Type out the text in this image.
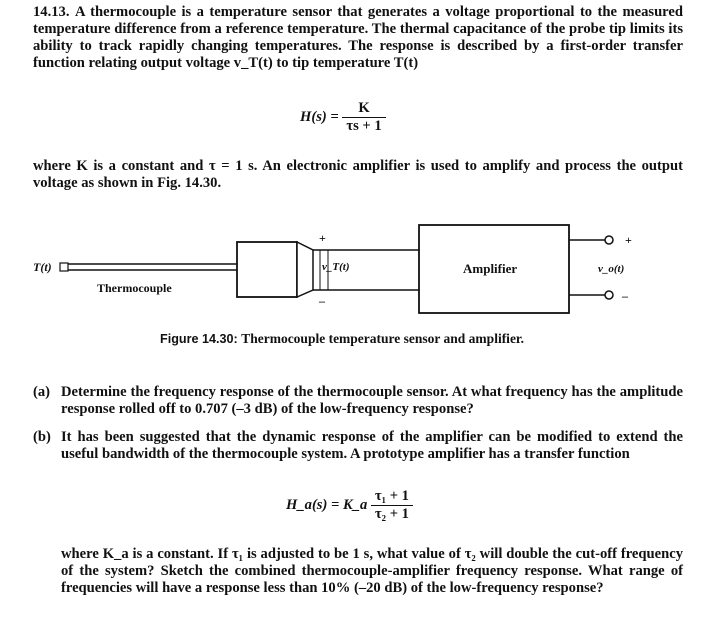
14.13. A thermocouple is a temperature sensor that generates a voltage proportional to the measured temperature difference from a reference temperature. The thermal capacitance of the probe tip limits its ability to track rapidly changing temperatures. The response is described by a first-order transfer function relating output voltage v_T(t) to tip temperature T(t)
$H(s) = \frac{K}{\tau s + 1}$
where K is a constant and τ = 1 s. An electronic amplifier is used to amplify and process the output voltage as shown in Fig. 14.30.
T(t)
Thermocouple
+
–
v_T(t)	Amplifier
+
–
v_o(t)
Figure 14.30: Thermocouple temperature sensor and amplifier.
(a) Determine the frequency response of the thermocouple sensor. At what frequency has the amplitude response rolled off to 0.707 (–3 dB) of the low-frequency response?
(b) It has been suggested that the dynamic response of the amplifier can be modified to extend the useful bandwidth of the thermocouple system. A prototype amplifier has a transfer function
H_a(s) = K_a $\frac{\text{τ₁ + 1}}{\text{τ₂ + 1}}$
where K_a is a constant. If τ₁ is adjusted to be 1 s, what value of τ₂ will double the cut-off frequency of the system? Sketch the combined thermocouple-amplifier frequency response. What range of frequencies will have a response less than 10% (–20 dB) of the low-frequency response?
